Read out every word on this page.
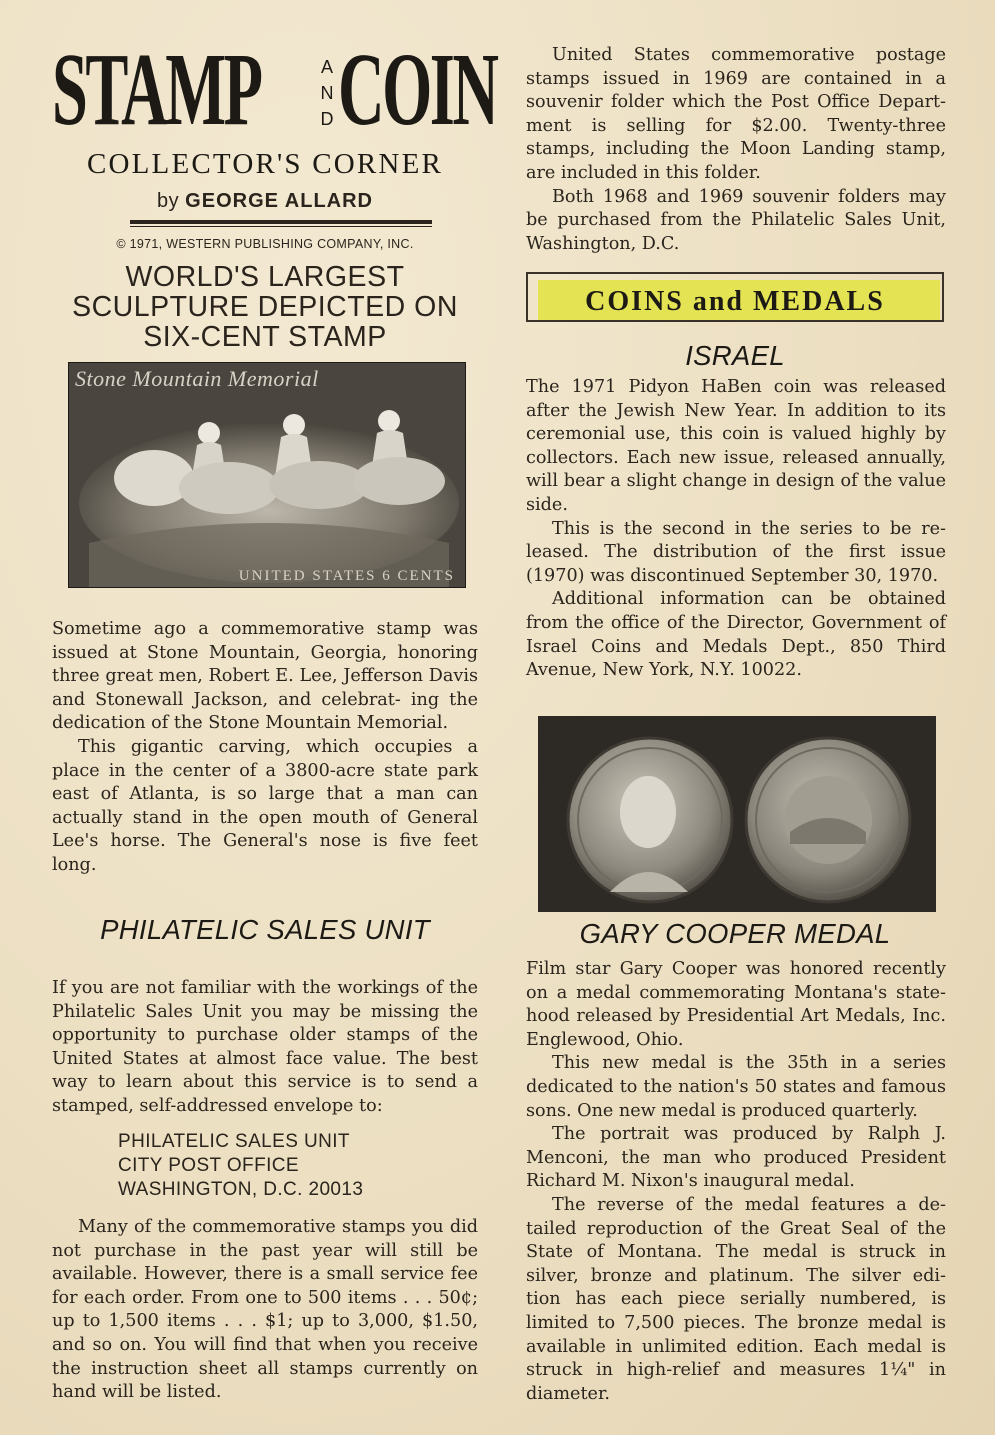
STAMP	A
N
D COIN
COLLECTOR'S CORNER
by GEORGE ALLARD
© 1971, WESTERN PUBLISHING COMPANY, INC.
WORLD'S LARGEST
SCULPTURE DEPICTED ON
SIX-CENT STAMP
Stone Mountain Memorial
UNITED STATES 6 CENTS

Sometime ago a commemorative stamp was issued at Stone Mountain, Georgia, honoring three great men, Robert E. Lee, Jefferson Davis and Stonewall Jackson, and celebrat- ing the dedication of the Stone Mountain Memorial.

This gigantic carving, which occupies a place in the center of a 3800-acre state park east of Atlanta, is so large that a man can actually stand in the open mouth of General Lee's horse. The General's nose is five feet long.

PHILATELIC SALES UNIT

If you are not familiar with the workings of the Philatelic Sales Unit you may be missing the opportunity to purchase older stamps of the United States at almost face value. The best way to learn about this service is to send a stamped, self-addressed envelope to:

PHILATELIC SALES UNIT
CITY POST OFFICE
WASHINGTON, D.C. 20013

Many of the commemorative stamps you did not purchase in the past year will still be available. However, there is a small service fee for each order. From one to 500 items . . . 50¢; up to 1,500 items . . . $1; up to 3,000, $1.50, and so on. You will find that when you receive the instruction sheet all stamps currently on hand will be listed.

United States commemorative postage stamps issued in 1969 are contained in a souvenir folder which the Post Office Depart- ment is selling for $2.00. Twenty-three stamps, including the Moon Landing stamp, are included in this folder.

Both 1968 and 1969 souvenir folders may be purchased from the Philatelic Sales Unit, Washington, D.C.

COINS and MEDALS
ISRAEL

The 1971 Pidyon HaBen coin was released after the Jewish New Year. In addition to its ceremonial use, this coin is valued highly by collectors. Each new issue, released annually, will bear a slight change in design of the value side.

This is the second in the series to be re- leased. The distribution of the first issue (1970) was discontinued September 30, 1970.

Additional information can be obtained from the office of the Director, Government of Israel Coins and Medals Dept., 850 Third Avenue, New York, N.Y. 10022.

GARY COOPER MEDAL

Film star Gary Cooper was honored recently on a medal commemorating Montana's state- hood released by Presidential Art Medals, Inc. Englewood, Ohio.

This new medal is the 35th in a series dedicated to the nation's 50 states and famous sons. One new medal is produced quarterly.

The portrait was produced by Ralph J. Menconi, the man who produced President Richard M. Nixon's inaugural medal.

The reverse of the medal features a de- tailed reproduction of the Great Seal of the State of Montana. The medal is struck in silver, bronze and platinum. The silver edi- tion has each piece serially numbered, is limited to 7,500 pieces. The bronze medal is available in unlimited edition. Each medal is struck in high-relief and measures 1¼" in diameter.
